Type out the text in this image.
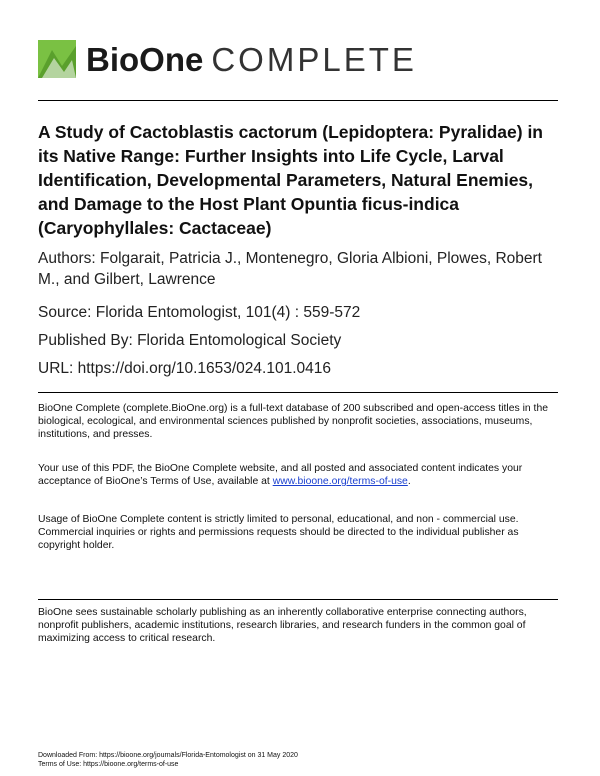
BioOne COMPLETE
A Study of Cactoblastis cactorum (Lepidoptera: Pyralidae) in its Native Range: Further Insights into Life Cycle, Larval Identification, Developmental Parameters, Natural Enemies, and Damage to the Host Plant Opuntia ficus-indica (Caryophyllales: Cactaceae)
Authors: Folgarait, Patricia J., Montenegro, Gloria Albioni, Plowes, Robert M., and Gilbert, Lawrence
Source: Florida Entomologist, 101(4) : 559-572
Published By: Florida Entomological Society
URL: https://doi.org/10.1653/024.101.0416
BioOne Complete (complete.BioOne.org) is a full-text database of 200 subscribed and open-access titles in the biological, ecological, and environmental sciences published by nonprofit societies, associations, museums, institutions, and presses.
Your use of this PDF, the BioOne Complete website, and all posted and associated content indicates your acceptance of BioOne’s Terms of Use, available at www.bioone.org/terms-of-use.
Usage of BioOne Complete content is strictly limited to personal, educational, and non - commercial use. Commercial inquiries or rights and permissions requests should be directed to the individual publisher as copyright holder.
BioOne sees sustainable scholarly publishing as an inherently collaborative enterprise connecting authors, nonprofit publishers, academic institutions, research libraries, and research funders in the common goal of maximizing access to critical research.
Downloaded From: https://bioone.org/journals/Florida-Entomologist on 31 May 2020
Terms of Use: https://bioone.org/terms-of-use
